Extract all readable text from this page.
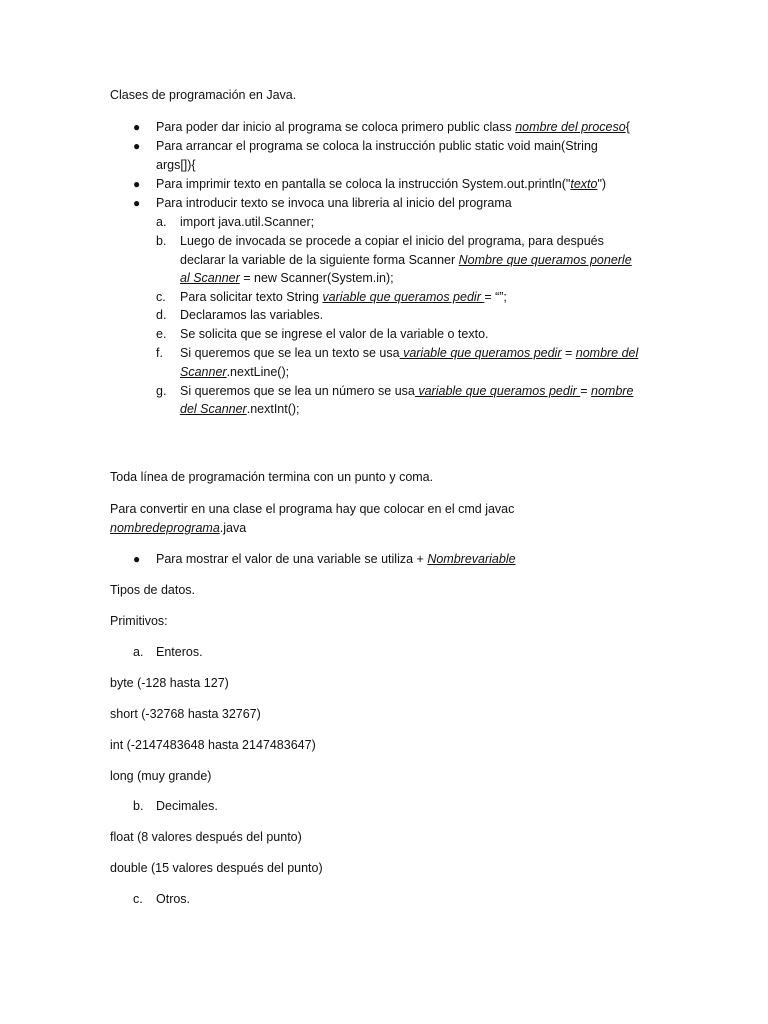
Clases de programación en Java.
● Para poder dar inicio al programa se coloca primero public class nombre del proceso{
● Para arrancar el programa se coloca la instrucción public static void main(String
args[]){
● Para imprimir texto en pantalla se coloca la instrucción System.out.println("texto")
● Para introducir texto se invoca una libreria al inicio del programa
a. import java.util.Scanner;
b. Luego de invocada se procede a copiar el inicio del programa, para después
declarar la variable de la siguiente forma Scanner Nombre que queramos ponerle
al Scanner = new Scanner(System.in);
c. Para solicitar texto String variable que queramos pedir = “”;
d. Declaramos las variables.
e. Se solicita que se ingrese el valor de la variable o texto.
f. Si queremos que se lea un texto se usa variable que queramos pedir = nombre del
Scanner.nextLine();
g. Si queremos que se lea un número se usa variable que queramos pedir = nombre
del Scanner.nextInt();
Toda línea de programación termina con un punto y coma.
Para convertir en una clase el programa hay que colocar en el cmd javac
nombredeprograma.java
● Para mostrar el valor de una variable se utiliza + Nombrevariable
Tipos de datos.
Primitivos:
a. Enteros.
byte (-128 hasta 127)
short (-32768 hasta 32767)
int (-2147483648 hasta 2147483647)
long (muy grande)
b. Decimales.
float (8 valores después del punto)
double (15 valores después del punto)
c. Otros.
